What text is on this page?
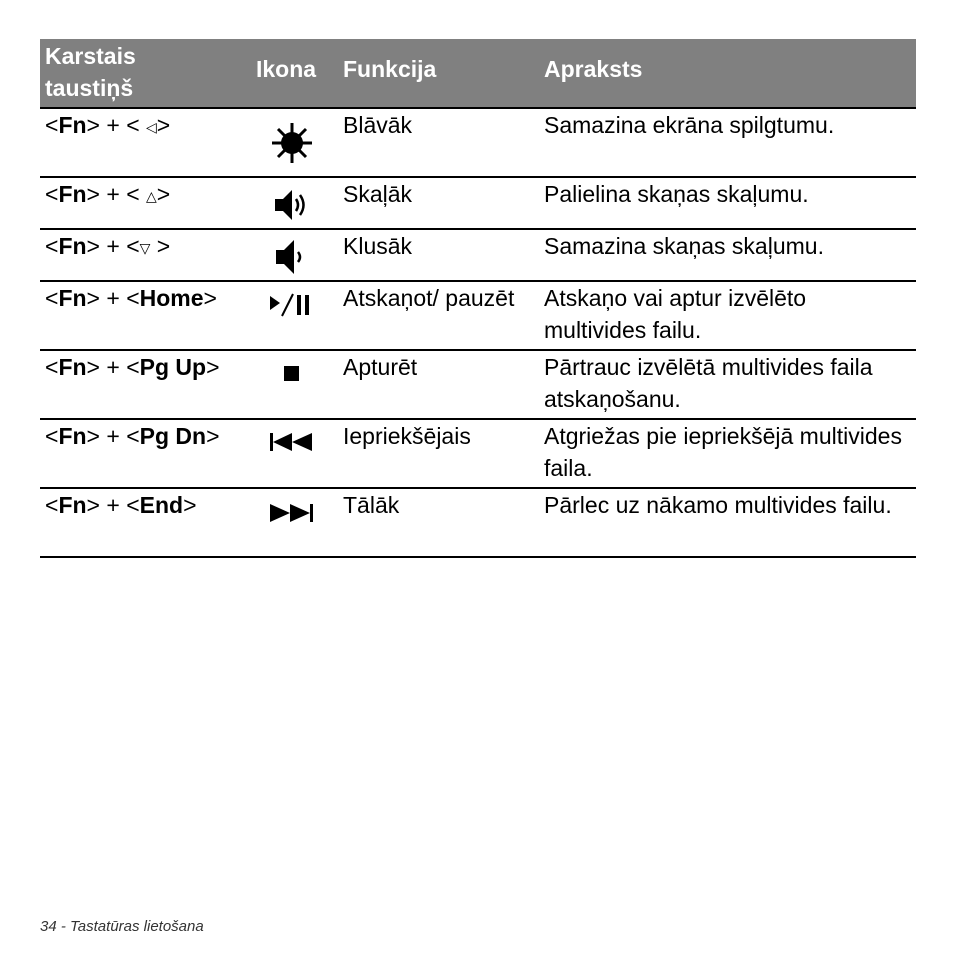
Karstais
taustiņš
Ikona Funkcija	Apraksts
<Fn> + < ◁>	Blāvāk	Samazina ekrāna spilgtumu.
<Fn> + < △>	Skaļāk	Palielina skaņas skaļumu.
<Fn> + <▽ >	Klusāk	Samazina skaņas skaļumu.
<Fn> + <Home>	Atskaņot/ pauzēt	Atskaņo vai aptur izvēlēto multivides failu.
<Fn> + <Pg Up>	Apturēt	Pārtrauc izvēlētā multivides faila atskaņošanu.
<Fn> + <Pg Dn>	Iepriekšējais	Atgriežas pie iepriekšējā multivides faila.
<Fn> + <End>	Tālāk	Pārlec uz nākamo multivides failu.
34 - Tastatūras lietošana
